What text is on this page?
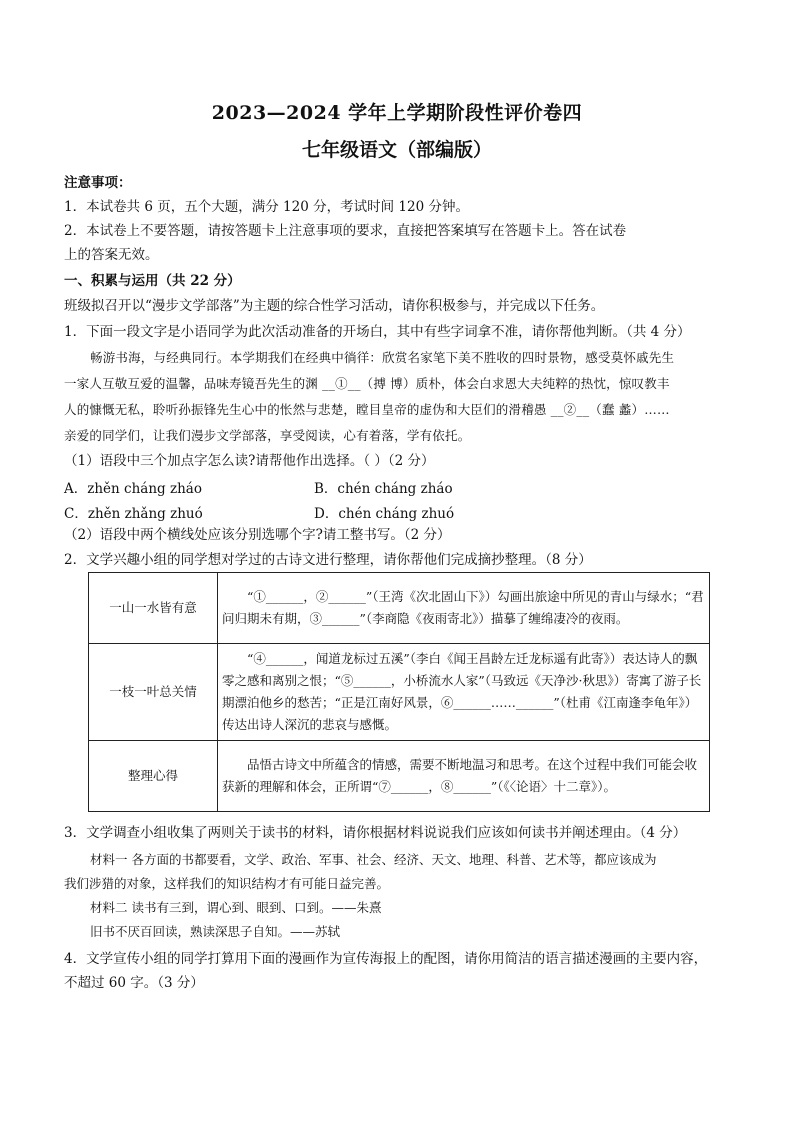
2023—2024 学年上学期阶段性评价卷四
七年级语文（部编版）
注意事项：
1．本试卷共 6 页，五个大题，满分 120 分，考试时间 120 分钟。
2．本试卷上不要答题，请按答题卡上注意事项的要求，直接把答案填写在答题卡上。答在试卷
上的答案无效。
一、积累与运用（共 22 分）
班级拟召开以“漫步文学部落”为主题的综合性学习活动，请你积极参与，并完成以下任务。
1．下面一段文字是小语同学为此次活动准备的开场白，其中有些字词拿不准，请你帮他判断。（共 4 分）
畅游书海，与经典同行。本学期我们在经典中徜徉：欣赏名家笔下美不胜收的四时景物，感受莫怀戚先生
一家人互敬互爱的温馨，品味寿镜吾先生的渊 __①__（搏 博）质朴，体会白求恩大夫纯粹的热忱，惊叹教丰
人的慷慨无私，聆听孙振锋先生心中的怅然与悲楚，瞠目皇帝的虚伪和大臣们的滑稽愚 __②__（蠢 蠡）……
亲爱的同学们，让我们漫步文学部落，享受阅读，心有着落，学有依托。
（1）语段中三个加点字怎么读?请帮他作出选择。（ ）（2 分）
A．zhěn cháng zháo	B．chén cháng zháo
C．zhěn zhǎng zhuó	D．chén cháng zhuó
（2）语段中两个横线处应该分别选哪个字?请工整书写。（2 分）
2．文学兴趣小组的同学想对学过的古诗文进行整理，请你帮他们完成摘抄整理。（8 分）
一山一水皆有意	“①______，②______”（王湾《次北固山下》）勾画出旅途中所见的青山与绿水；“君问归期未有期，③______”（李商隐《夜雨寄北》）描摹了缠绵凄冷的夜雨。
一枝一叶总关情	“④______，闻道龙标过五溪”（李白《闻王昌龄左迁龙标遥有此寄》）表达诗人的飘零之感和离别之恨；“⑤______，小桥流水人家”（马致远《天净沙·秋思》）寄寓了游子长期漂泊他乡的愁苦；“正是江南好风景，⑥______……______”（杜甫《江南逢李龟年》）传达出诗人深沉的悲哀与感慨。
整理心得	品悟古诗文中所蕴含的情感，需要不断地温习和思考。在这个过程中我们可能会收获新的理解和体会，正所谓“⑦______，⑧______”（《〈论语〉十二章》）。
3．文学调查小组收集了两则关于读书的材料，请你根据材料说说我们应该如何读书并阐述理由。（4 分）
材料一 各方面的书都要看，文学、政治、军事、社会、经济、天文、地理、科普、艺术等，都应该成为
我们涉猎的对象，这样我们的知识结构才有可能日益完善。
材料二 读书有三到，谓心到、眼到、口到。——朱熹
旧书不厌百回读，熟读深思子自知。——苏轼
4．文学宣传小组的同学打算用下面的漫画作为宣传海报上的配图，请你用简洁的语言描述漫画的主要内容，
不超过 60 字。（3 分）
